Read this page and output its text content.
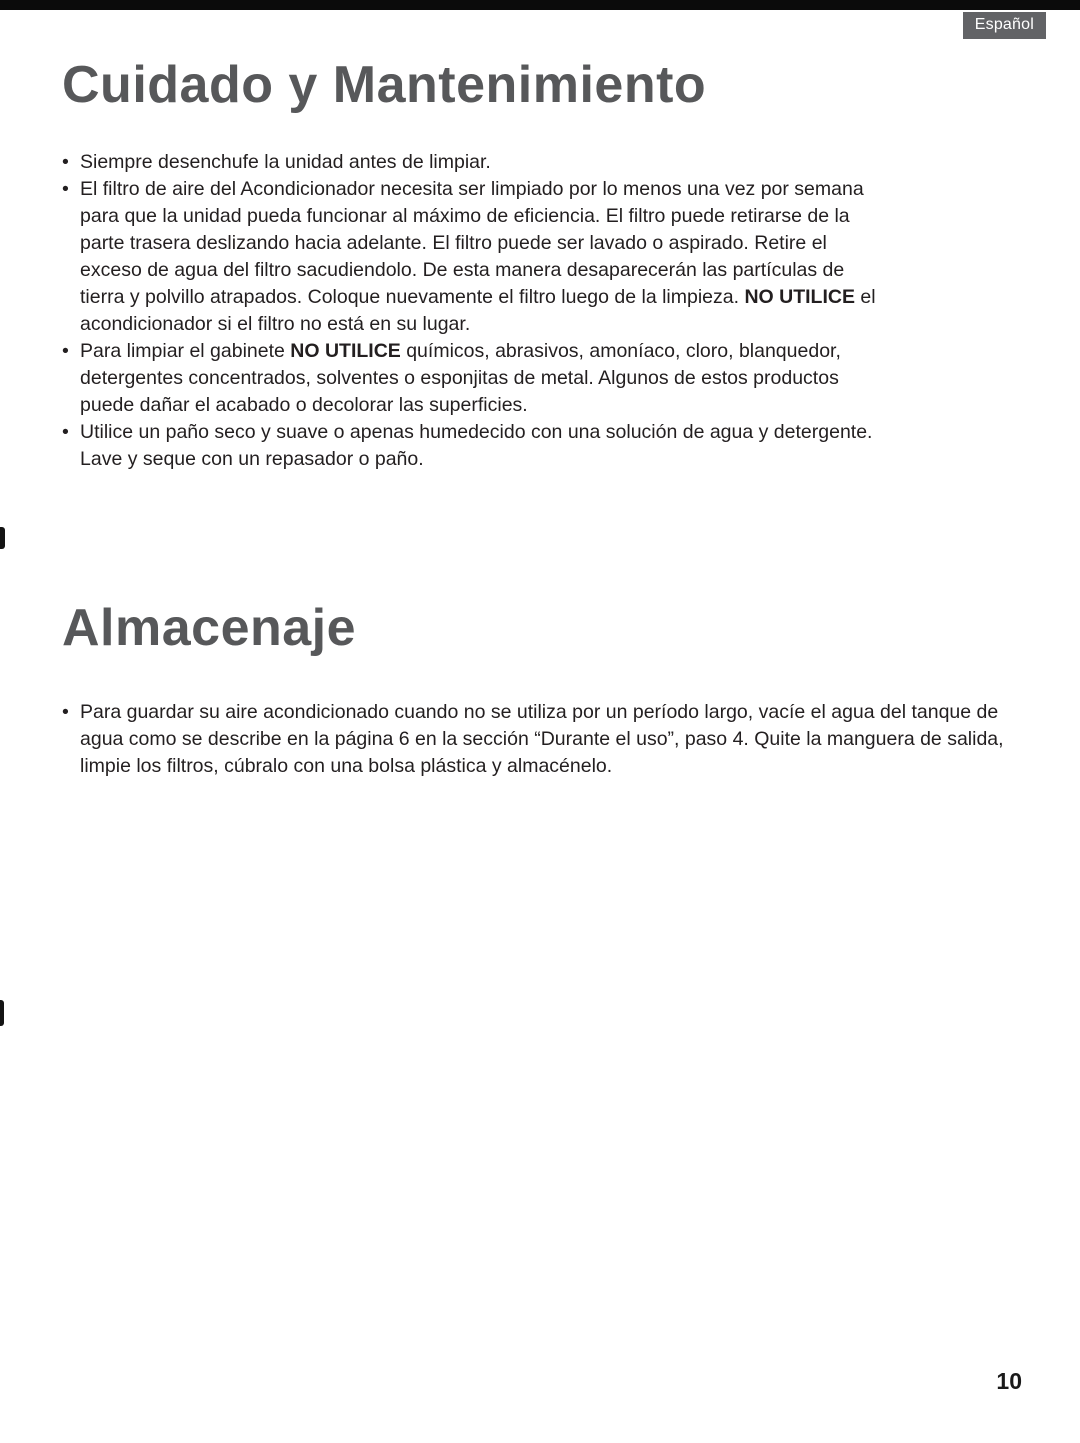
Español
Cuidado y Mantenimiento
• Siempre desenchufe la unidad antes de limpiar.
• El filtro de aire del Acondicionador necesita ser limpiado por lo menos una vez por semana para que la unidad pueda funcionar al máximo de eficiencia. El filtro puede retirarse de la parte trasera deslizando hacia adelante. El filtro puede ser lavado o aspirado. Retire el exceso de agua del filtro sacudiendolo. De esta manera desaparecerán las partículas de tierra y polvillo atrapados. Coloque nuevamente el filtro luego de la limpieza. NO UTILICE el acondicionador si el filtro no está en su lugar.
• Para limpiar el gabinete NO UTILICE químicos, abrasivos, amoníaco, cloro, blanquedor, detergentes concentrados, solventes o esponjitas de metal. Algunos de estos productos puede dañar el acabado o decolorar las superficies.
• Utilice un paño seco y suave o apenas humedecido con una solución de agua y detergente. Lave y seque con un repasador o paño.
Almacenaje
• Para guardar su aire acondicionado cuando no se utiliza por un período largo, vacíe el agua del tanque de agua como se describe en la página 6 en la sección “Durante el uso”, paso 4. Quite la manguera de salida, limpie los filtros, cúbralo con una bolsa plástica y almacénelo.
10
